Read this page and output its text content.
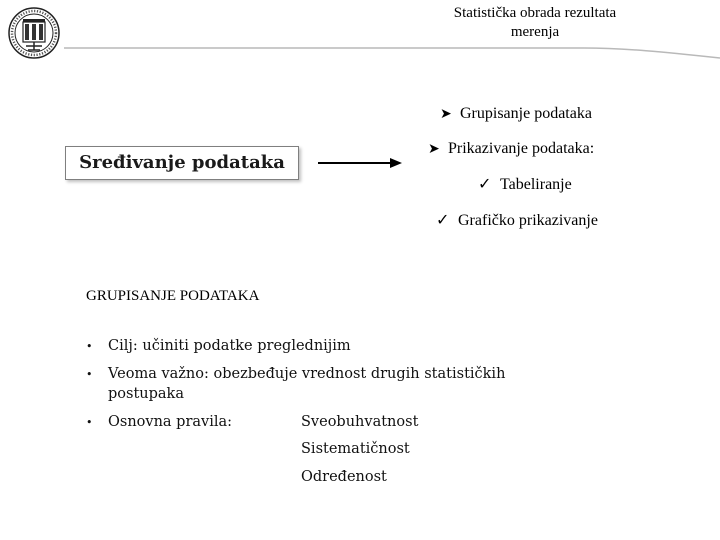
Statistička obrada rezultata
merenja
➤ Grupisanje podataka
➤ Prikazivanje podataka:
✓ Tabeliranje
✓ Grafičko prikazivanje
Sređivanje podataka
GRUPISANJE PODATAKA
• Cilj: učiniti podatke preglednijim
• Veoma važno: obezbeđuje vrednost drugih statističkih
postupaka
• Osnovna pravila:	Sveobuhvatnost
Sistematičnost
Određenost
